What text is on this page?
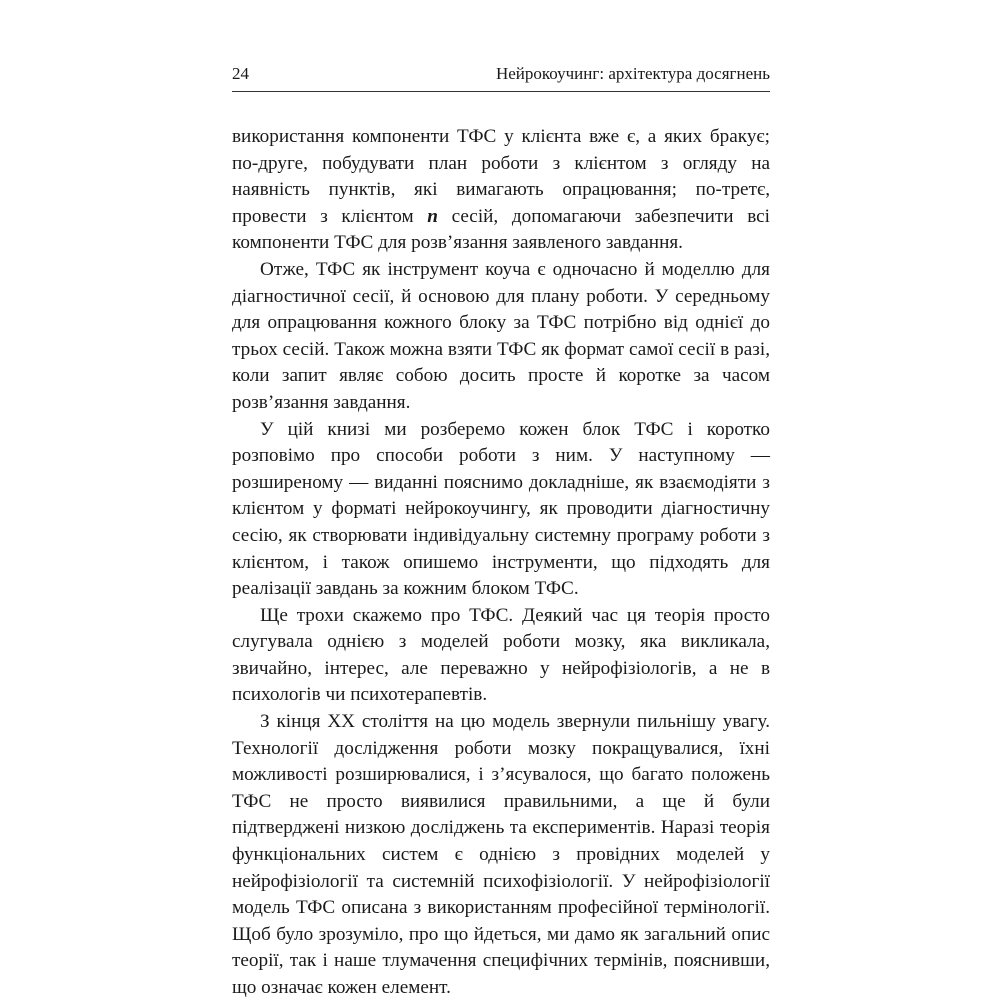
24	Нейрокоучинг: архітектура досягнень

використання компоненти ТФС у клієнта вже є, а яких бракує; по-друге, побудувати план роботи з клієнтом з огляду на наявність пунктів, які вимагають опрацювання; по-третє, провести з клієнтом n сесій, допомагаючи забезпечити всі компоненти ТФС для розв’язання заявленого завдання.

Отже, ТФС як інструмент коуча є одночасно й моделлю для діагностичної сесії, й основою для плану роботи. У середньому для опрацювання кожного блоку за ТФС потрібно від однієї до трьох сесій. Також можна взяти ТФС як формат самої сесії в разі, коли запит являє собою досить просте й коротке за часом розв’язання завдання.

У цій книзі ми розберемо кожен блок ТФС і коротко розповімо про способи роботи з ним. У наступному — розширеному — виданні пояснимо докладніше, як взаємодіяти з клієнтом у форматі нейрокоучингу, як проводити діагностичну сесію, як створювати індивідуальну системну програму роботи з клієнтом, і також опишемо інструменти, що підходять для реалізації завдань за кожним блоком ТФС.

Ще трохи скажемо про ТФС. Деякий час ця теорія просто слугувала однією з моделей роботи мозку, яка викликала, звичайно, інтерес, але переважно у нейрофізіологів, а не в психологів чи психотерапевтів.

З кінця XX століття на цю модель звернули пильнішу увагу. Технології дослідження роботи мозку покращувалися, їхні можливості розширювалися, і з’ясувалося, що багато положень ТФС не просто виявилися правильними, а ще й були підтверджені низкою досліджень та експериментів. Наразі теорія функціональних систем є однією з провідних моделей у нейрофізіології та системній психофізіології. У нейрофізіології модель ТФС описана з використанням професійної термінології. Щоб було зрозуміло, про що йдеться, ми дамо як загальний опис теорії, так і наше тлумачення специфічних термінів, пояснивши, що означає кожен елемент.
